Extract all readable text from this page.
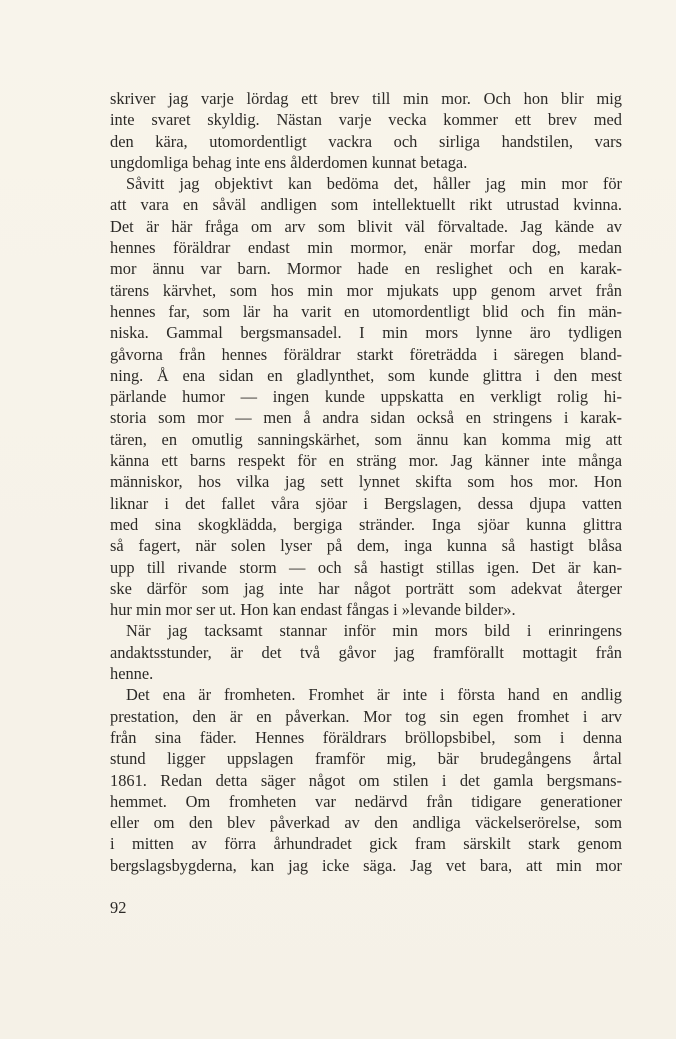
skriver jag varje lördag ett brev till min mor. Och hon blir mig
inte svaret skyldig. Nästan varje vecka kommer ett brev med
den kära, utomordentligt vackra och sirliga handstilen, vars
ungdomliga behag inte ens ålderdomen kunnat betaga.
Såvitt jag objektivt kan bedöma det, håller jag min mor för
att vara en såväl andligen som intellektuellt rikt utrustad kvinna.
Det är här fråga om arv som blivit väl förvaltade. Jag kände av
hennes föräldrar endast min mormor, enär morfar dog, medan
mor ännu var barn. Mormor hade en reslighet och en karak-
tärens kärvhet, som hos min mor mjukats upp genom arvet från
hennes far, som lär ha varit en utomordentligt blid och fin män-
niska. Gammal bergsmansadel. I min mors lynne äro tydligen
gåvorna från hennes föräldrar starkt företrädda i säregen bland-
ning. Å ena sidan en gladlynthet, som kunde glittra i den mest
pärlande humor — ingen kunde uppskatta en verkligt rolig hi-
storia som mor — men å andra sidan också en stringens i karak-
tären, en omutlig sanningskärhet, som ännu kan komma mig att
känna ett barns respekt för en sträng mor. Jag känner inte många
människor, hos vilka jag sett lynnet skifta som hos mor. Hon
liknar i det fallet våra sjöar i Bergslagen, dessa djupa vatten
med sina skogklädda, bergiga stränder. Inga sjöar kunna glittra
så fagert, när solen lyser på dem, inga kunna så hastigt blåsa
upp till rivande storm — och så hastigt stillas igen. Det är kan-
ske därför som jag inte har något porträtt som adekvat återger
hur min mor ser ut. Hon kan endast fångas i »levande bilder».
När jag tacksamt stannar inför min mors bild i erinringens
andaktsstunder, är det två gåvor jag framförallt mottagit från
henne.
Det ena är fromheten. Fromhet är inte i första hand en andlig
prestation, den är en påverkan. Mor tog sin egen fromhet i arv
från sina fäder. Hennes föräldrars bröllopsbibel, som i denna
stund ligger uppslagen framför mig, bär brudegångens årtal
1861. Redan detta säger något om stilen i det gamla bergsmans-
hemmet. Om fromheten var nedärvd från tidigare generationer
eller om den blev påverkad av den andliga väckelserörelse, som
i mitten av förra århundradet gick fram särskilt stark genom
bergslagsbygderna, kan jag icke säga. Jag vet bara, att min mor
92
